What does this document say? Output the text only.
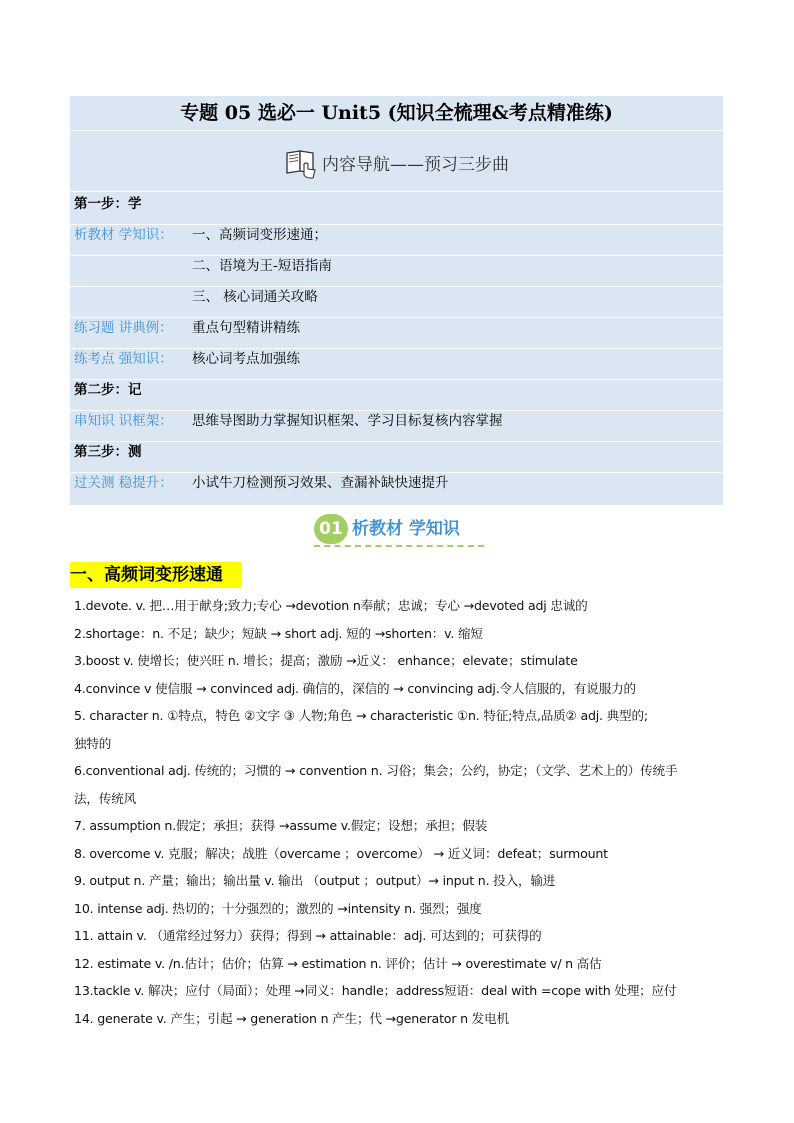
专题 05 选必一 Unit5 (知识全梳理&考点精准练)
内容导航——预习三步曲
第一步：学
析教材 学知识： 一、高频词变形速通；
二、语境为王-短语指南
三、 核心词通关攻略
练习题 讲典例： 重点句型精讲精练
练考点 强知识： 核心词考点加强练
第二步：记
串知识 识框架： 思维导图助力掌握知识框架、学习目标复核内容掌握
第三步：测
过关测 稳提升： 小试牛刀检测预习效果、查漏补缺快速提升
01 析教材 学知识
一、高频词变形速通
1.devote. v. 把…用于献身;致力;专心 →devotion n奉献；忠诚；专心 →devoted adj 忠诚的
2.shortage：n. 不足；缺少；短缺 → short adj. 短的 →shorten：v. 缩短
3.boost v. 使增长；使兴旺 n. 增长；提高；激励 →近义： enhance；elevate；stimulate
4.convince v 使信服 → convinced adj. 确信的，深信的 → convincing adj.令人信服的，有说服力的
5. character n. ①特点，特色 ②文字 ③ 人物;角色 → characteristic ①n. 特征;特点,品质② adj. 典型的;
独特的
6.conventional adj. 传统的；习惯的 → convention n. 习俗；集会；公约，协定；（文学、艺术上的）传统手
法，传统风
7. assumption n.假定；承担；获得 →assume v.假定；设想；承担；假装
8. overcome v. 克服；解决；战胜（overcame ；overcome） → 近义词：defeat；surmount
9. output n. 产量；输出；输出量 v. 输出 （output ；output）→ input n. 投入，输进
10. intense adj. 热切的；十分强烈的；激烈的 →intensity n. 强烈；强度
11. attain v. （通常经过努力）获得；得到 → attainable：adj. 可达到的；可获得的
12. estimate v. /n.估计；估价；估算 → estimation n. 评价；估计 → overestimate v/ n 高估
13.tackle v. 解决；应付（局面）；处理 →同义：handle；address短语：deal with =cope with 处理；应付
14. generate v. 产生；引起 → generation n 产生；代 →generator n 发电机
